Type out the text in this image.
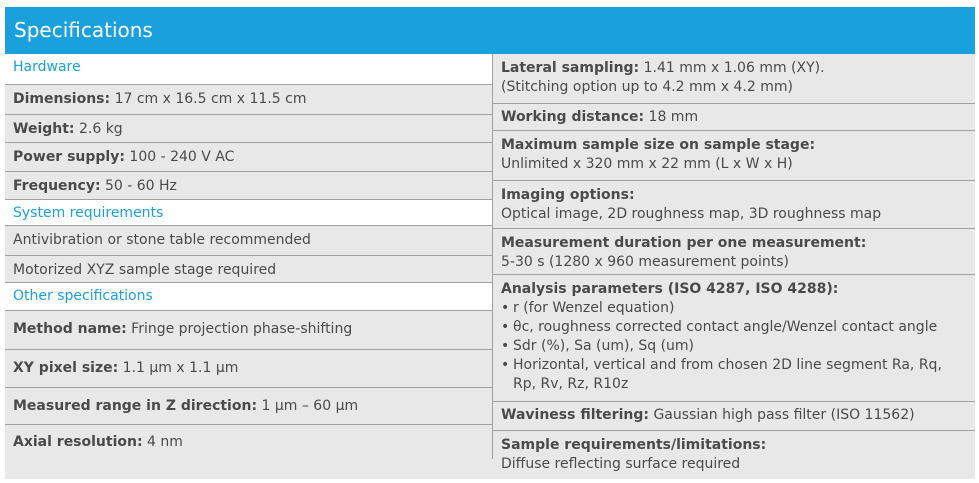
Specifications
Hardware
Dimensions: 17 cm x 16.5 cm x 11.5 cm
Weight: 2.6 kg
Power supply: 100 - 240 V AC
Frequency: 50 - 60 Hz
System requirements
Antivibration or stone table recommended
Motorized XYZ sample stage required
Other specifications
Method name: Fringe projection phase-shifting
XY pixel size: 1.1 μm x 1.1 μm
Measured range in Z direction: 1 μm – 60 μm
Axial resolution: 4 nm

Lateral sampling: 1.41 mm x 1.06 mm (XY).

(Stitching option up to 4.2 mm x 4.2 mm)

Working distance: 18 mm

Maximum sample size on sample stage:

Unlimited x 320 mm x 22 mm (L x W x H)

Imaging options:

Optical image, 2D roughness map, 3D roughness map

Measurement duration per one measurement:

5-30 s (1280 x 960 measurement points)

Analysis parameters (ISO 4287, ISO 4288):

• r (for Wenzel equation)
• θc, roughness corrected contact angle/Wenzel contact angle
• Sdr (%), Sa (um), Sq (um)
• Horizontal, vertical and from chosen 2D line segment Ra, Rq,
Rp, Rv, Rz, R10z
Waviness filtering: Gaussian high pass filter (ISO 11562)

Sample requirements/limitations:

Diffuse reflecting surface required
